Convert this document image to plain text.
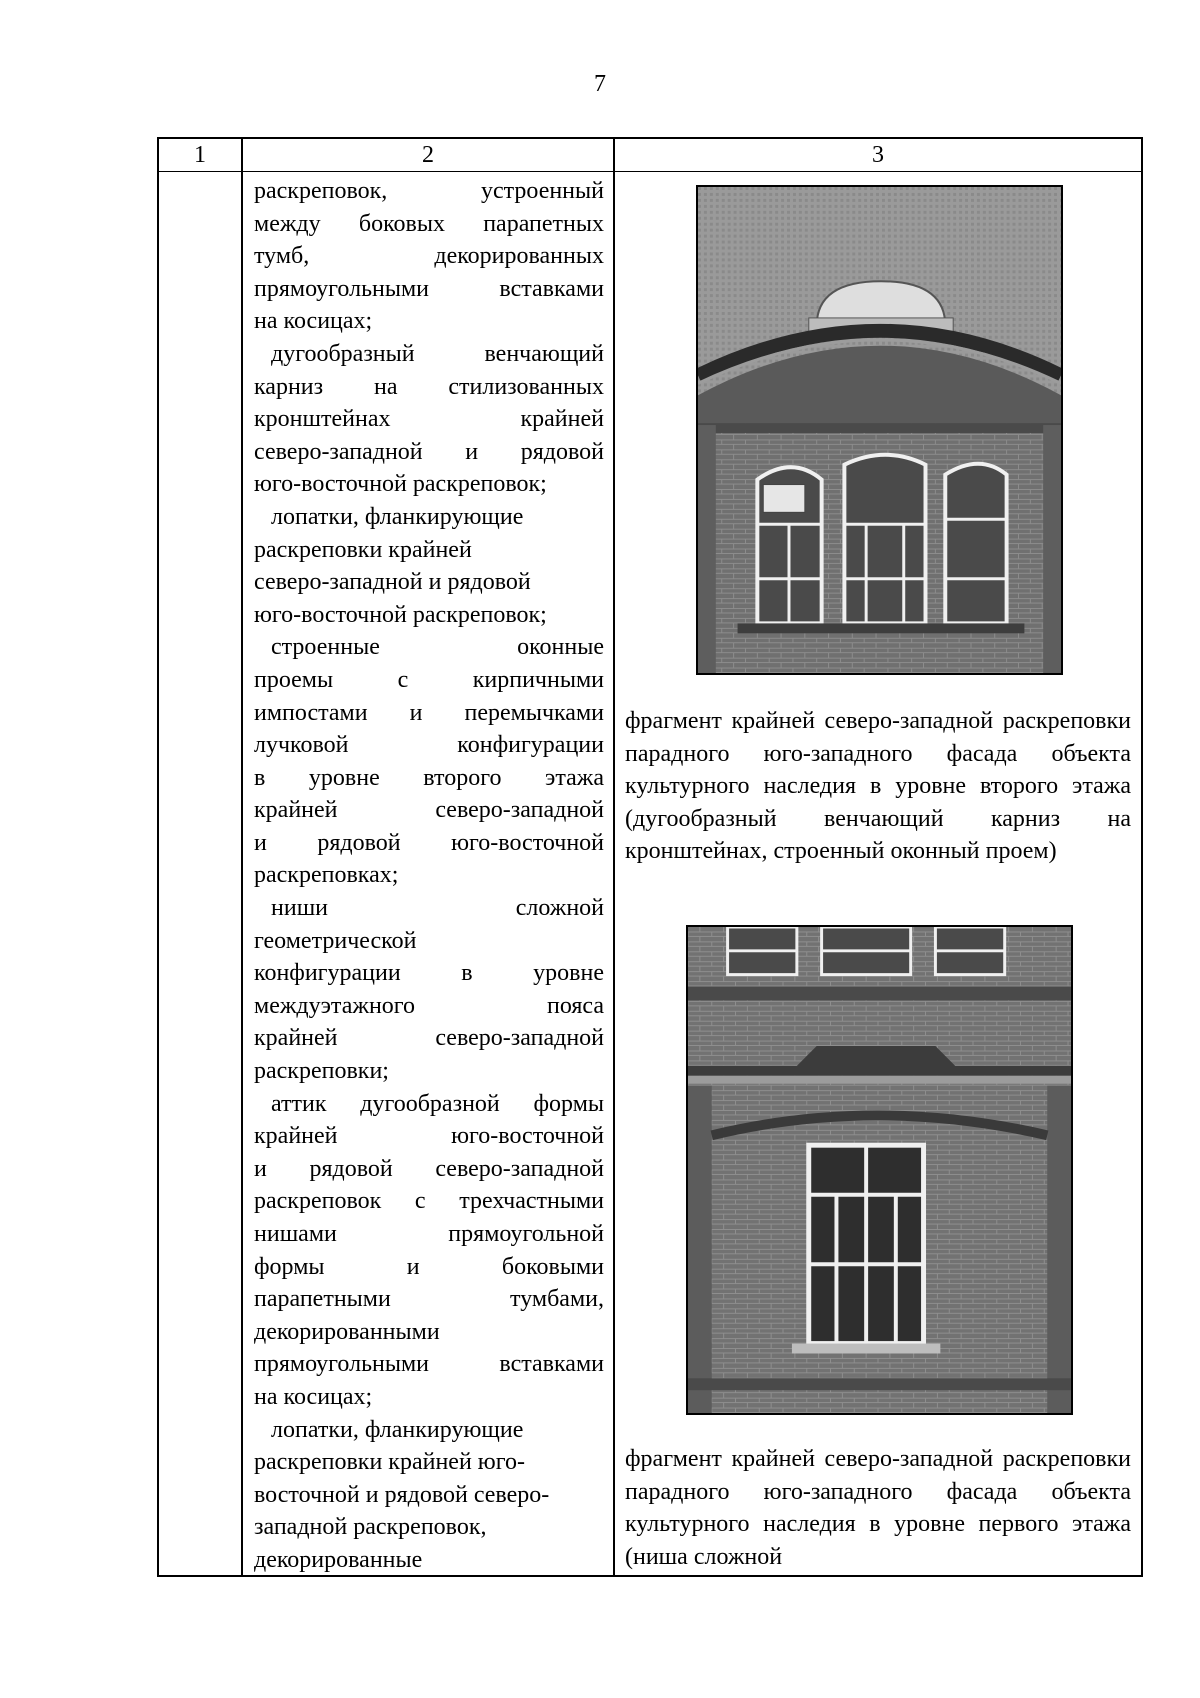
7
1	2	3

раскреповок, устроенный

между боковых парапетных

тумб, декорированных

прямоугольными вставками

на косицах;

дугообразный венчающий

карниз на стилизованных

кронштейнах крайней

северо-западной и рядовой

юго-восточной раскреповок;

лопатки, фланкирующие

раскреповки крайней

северо-западной и рядовой

юго-восточной раскреповок;

строенные оконные

проемы с кирпичными

импостами и перемычками

лучковой конфигурации

в уровне второго этажа

крайней северо-западной

и рядовой юго-восточной

раскреповках;

ниши сложной

геометрической

конфигурации в уровне

междуэтажного пояса

крайней северо-западной

раскреповки;

аттик дугообразной формы

крайней юго-восточной

и рядовой северо-западной

раскреповок с трехчастными

нишами прямоугольной

формы и боковыми

парапетными тумбами,

декорированными

прямоугольными вставками

на косицах;

лопатки, фланкирующие

раскреповки крайней юго-

восточной и рядовой северо-

западной раскреповок,

декорированные

фрагмент крайней северо-западной раскреповки парадного юго-западного фасада объекта культурного наследия в уровне второго этажа (дугообразный венчающий карниз на кронштейнах, строенный оконный проем)
фрагмент крайней северо-западной раскреповки парадного юго-западного фасада объекта культурного наследия в уровне первого этажа (ниша сложной
